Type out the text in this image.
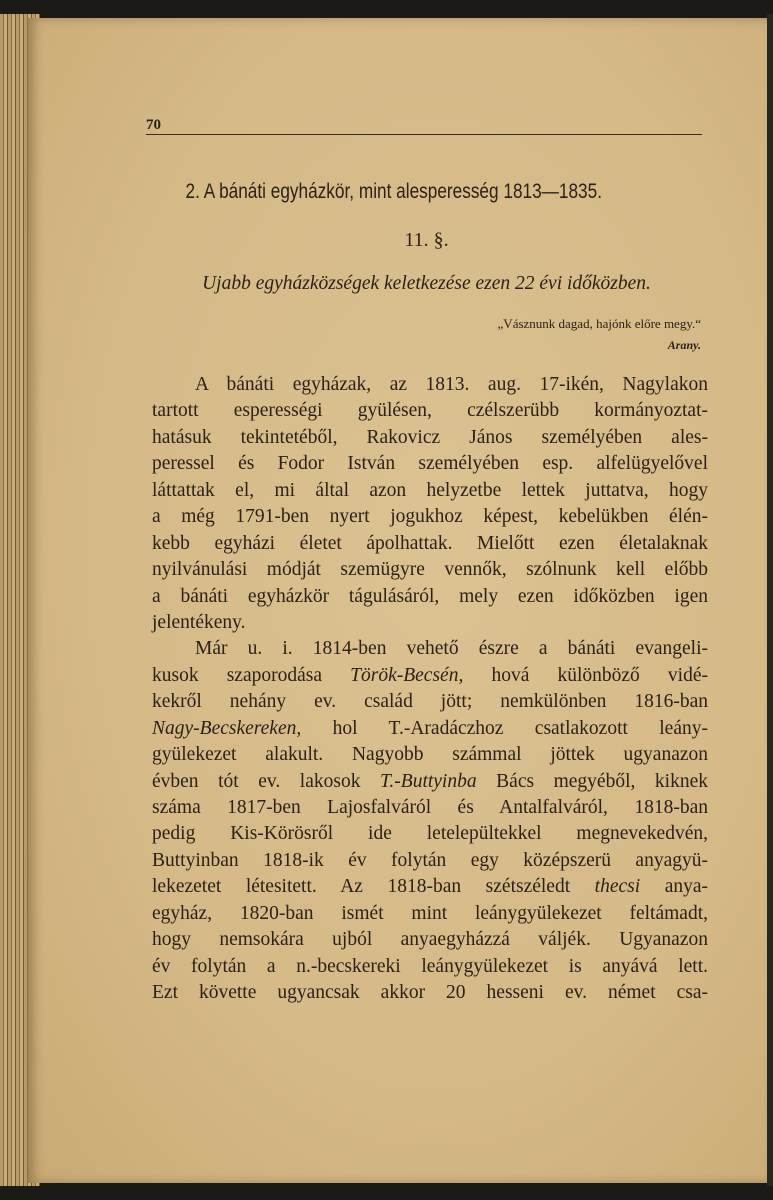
70
2. A bánáti egyházkör, mint alesperesség 1813—1835.
11. §.
Ujabb egyházközségek keletkezése ezen 22 évi időközben.
„Vásznunk dagad, hajónk előre megy.“
Arany.
A bánáti egyházak, az 1813. aug. 17-ikén, Nagylakon
tartott esperességi gyülésen, czélszerübb kormányoztat-
hatásuk tekintetéből, Rakovicz János személyében ales-
peressel és Fodor István személyében esp. alfelügyelővel
láttattak el, mi által azon helyzetbe lettek juttatva, hogy
a még 1791-ben nyert jogukhoz képest, kebelükben élén-
kebb egyházi életet ápolhattak. Mielőtt ezen életalaknak
nyilvánulási módját szemügyre vennők, szólnunk kell előbb
a bánáti egyházkör tágulásáról, mely ezen időközben igen
jelentékeny.
Már u. i. 1814-ben vehető észre a bánáti evangeli-
kusok szaporodása Török-Becsén, hová különböző vidé-
kekről nehány ev. család jött; nemkülönben 1816-ban
Nagy-Becskereken, hol T.-Aradáczhoz csatlakozott leány-
gyülekezet alakult. Nagyobb számmal jöttek ugyanazon
évben tót ev. lakosok T.-Buttyinba Bács megyéből, kiknek
száma 1817-ben Lajosfalváról és Antalfalváról, 1818-ban
pedig Kis-Körösről ide letelepültekkel megnevekedvén,
Buttyinban 1818-ik év folytán egy középszerü anyagyü-
lekezetet létesitett. Az 1818-ban szétszéledt thecsi anya-
egyház, 1820-ban ismét mint leánygyülekezet feltámadt,
hogy nemsokára ujból anyaegyházzá váljék. Ugyanazon
év folytán a n.-becskereki leánygyülekezet is anyává lett.
Ezt követte ugyancsak akkor 20 hesseni ev. német csa-
